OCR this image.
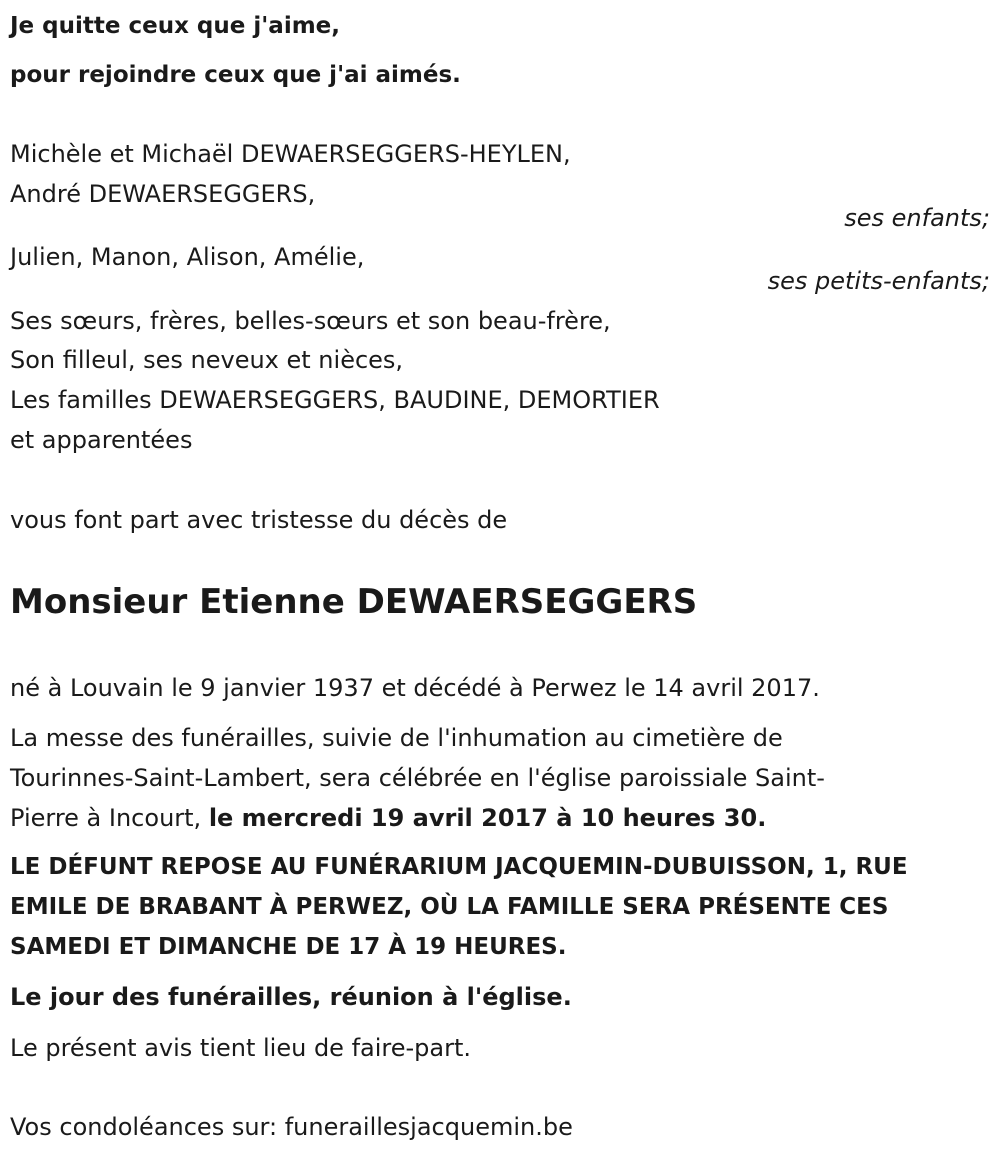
Je quitte ceux que j'aime,
pour rejoindre ceux que j'ai aimés.
Michèle et Michaël DEWAERSEGGERS-HEYLEN,
André DEWAERSEGGERS,
ses enfants;
Julien, Manon, Alison, Amélie,
ses petits-enfants;
Ses sœurs, frères, belles-sœurs et son beau-frère,
Son filleul, ses neveux et nièces,
Les familles DEWAERSEGGERS, BAUDINE, DEMORTIER
et apparentées
vous font part avec tristesse du décès de
Monsieur Etienne DEWAERSEGGERS
né à Louvain le 9 janvier 1937 et décédé à Perwez le 14 avril 2017.
La messe des funérailles, suivie de l'inhumation au cimetière de
Tourinnes-Saint-Lambert, sera célébrée en l'église paroissiale Saint-
Pierre à Incourt, le mercredi 19 avril 2017 à 10 heures 30.
LE DÉFUNT REPOSE AU FUNÉRARIUM JACQUEMIN-DUBUISSON, 1, RUE
EMILE DE BRABANT À PERWEZ, OÙ LA FAMILLE SERA PRÉSENTE CES
SAMEDI ET DIMANCHE DE 17 À 19 HEURES.
Le jour des funérailles, réunion à l'église.
Le présent avis tient lieu de faire-part.
Vos condoléances sur: funeraillesjacquemin.be
